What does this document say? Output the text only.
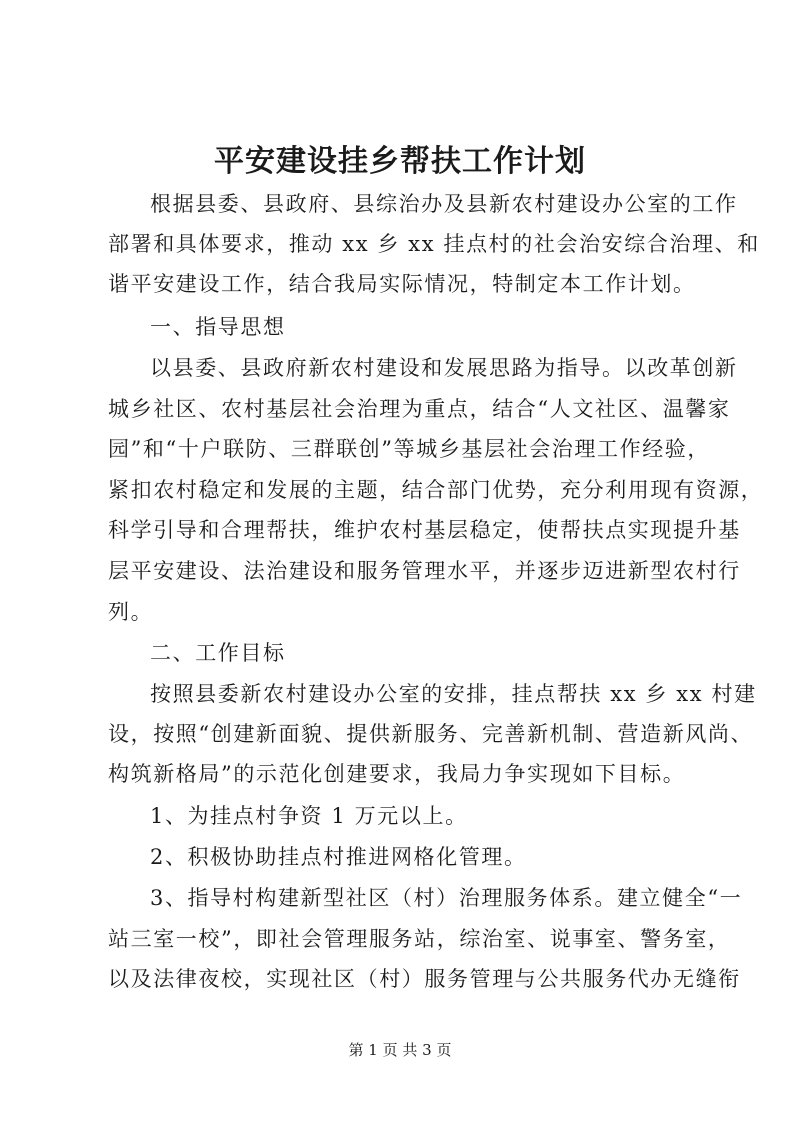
平安建设挂乡帮扶工作计划
根据县委、县政府、县综治办及县新农村建设办公室的工作
部署和具体要求，推动 xx 乡 xx 挂点村的社会治安综合治理、和
谐平安建设工作，结合我局实际情况，特制定本工作计划。
一、指导思想
以县委、县政府新农村建设和发展思路为指导。以改革创新
城乡社区、农村基层社会治理为重点，结合“人文社区、温馨家
园”和“十户联防、三群联创”等城乡基层社会治理工作经验，
紧扣农村稳定和发展的主题，结合部门优势，充分利用现有资源，
科学引导和合理帮扶，维护农村基层稳定，使帮扶点实现提升基
层平安建设、法治建设和服务管理水平，并逐步迈进新型农村行
列。
二、工作目标
按照县委新农村建设办公室的安排，挂点帮扶 xx 乡 xx 村建
设，按照“创建新面貌、提供新服务、完善新机制、营造新风尚、
构筑新格局”的示范化创建要求，我局力争实现如下目标。
1、为挂点村争资 1 万元以上。
2、积极协助挂点村推进网格化管理。
3、指导村构建新型社区（村）治理服务体系。建立健全“一
站三室一校”，即社会管理服务站，综治室、说事室、警务室，
以及法律夜校，实现社区（村）服务管理与公共服务代办无缝衔
第 1 页 共 3 页
